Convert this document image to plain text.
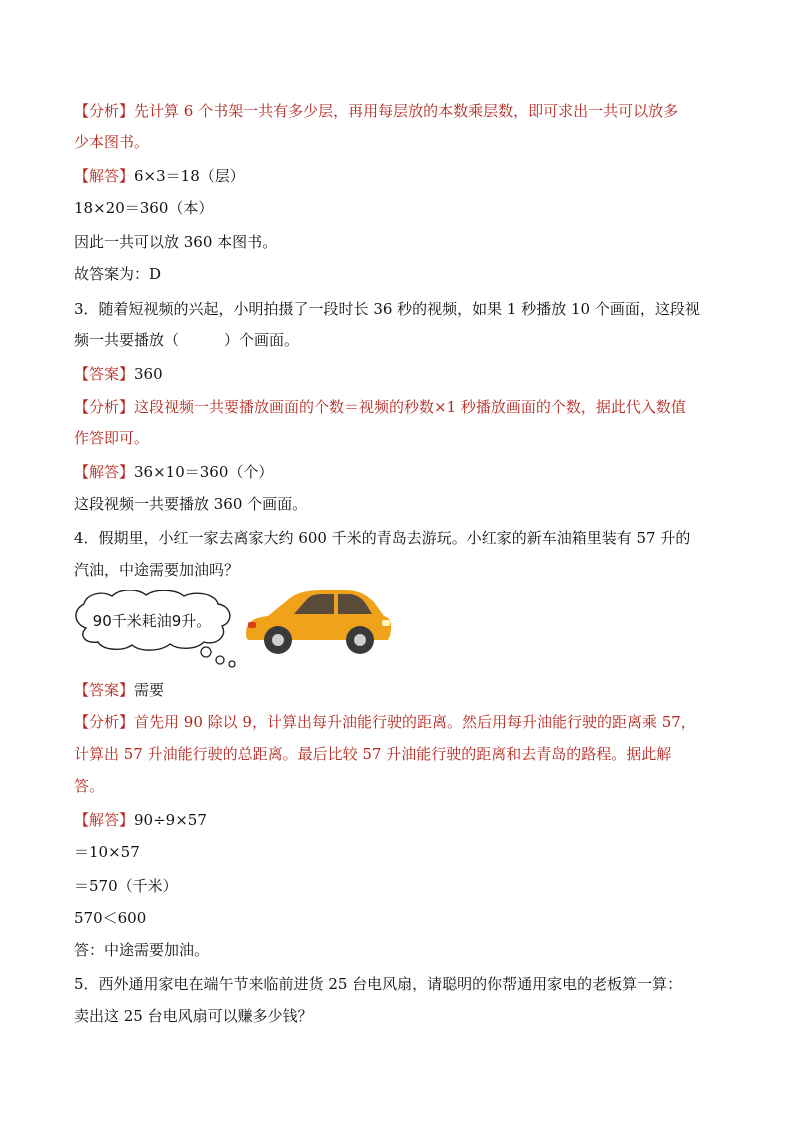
【分析】先计算 6 个书架一共有多少层，再用每层放的本数乘层数，即可求出一共可以放多
少本图书。
【解答】6×3＝18（层）
18×20＝360（本）
因此一共可以放 360 本图书。
故答案为：D
3．随着短视频的兴起，小明拍摄了一段时长 36 秒的视频，如果 1 秒播放 10 个画面，这段视
频一共要播放（　　　）个画面。
【答案】360
【分析】这段视频一共要播放画面的个数＝视频的秒数×1 秒播放画面的个数，据此代入数值
作答即可。
【解答】36×10＝360（个）
这段视频一共要播放 360 个画面。
4．假期里，小红一家去离家大约 600 千米的青岛去游玩。小红家的新车油箱里装有 57 升的
汽油，中途需要加油吗？
【答案】需要
【分析】首先用 90 除以 9，计算出每升油能行驶的距离。然后用每升油能行驶的距离乘 57，
计算出 57 升油能行驶的总距离。最后比较 57 升油能行驶的距离和去青岛的路程。据此解
答。
【解答】90÷9×57
＝10×57
＝570（千米）
570＜600
答：中途需要加油。
5．西外通用家电在端午节来临前进货 25 台电风扇，请聪明的你帮通用家电的老板算一算：
卖出这 25 台电风扇可以赚多少钱？
90千米耗油9升。
